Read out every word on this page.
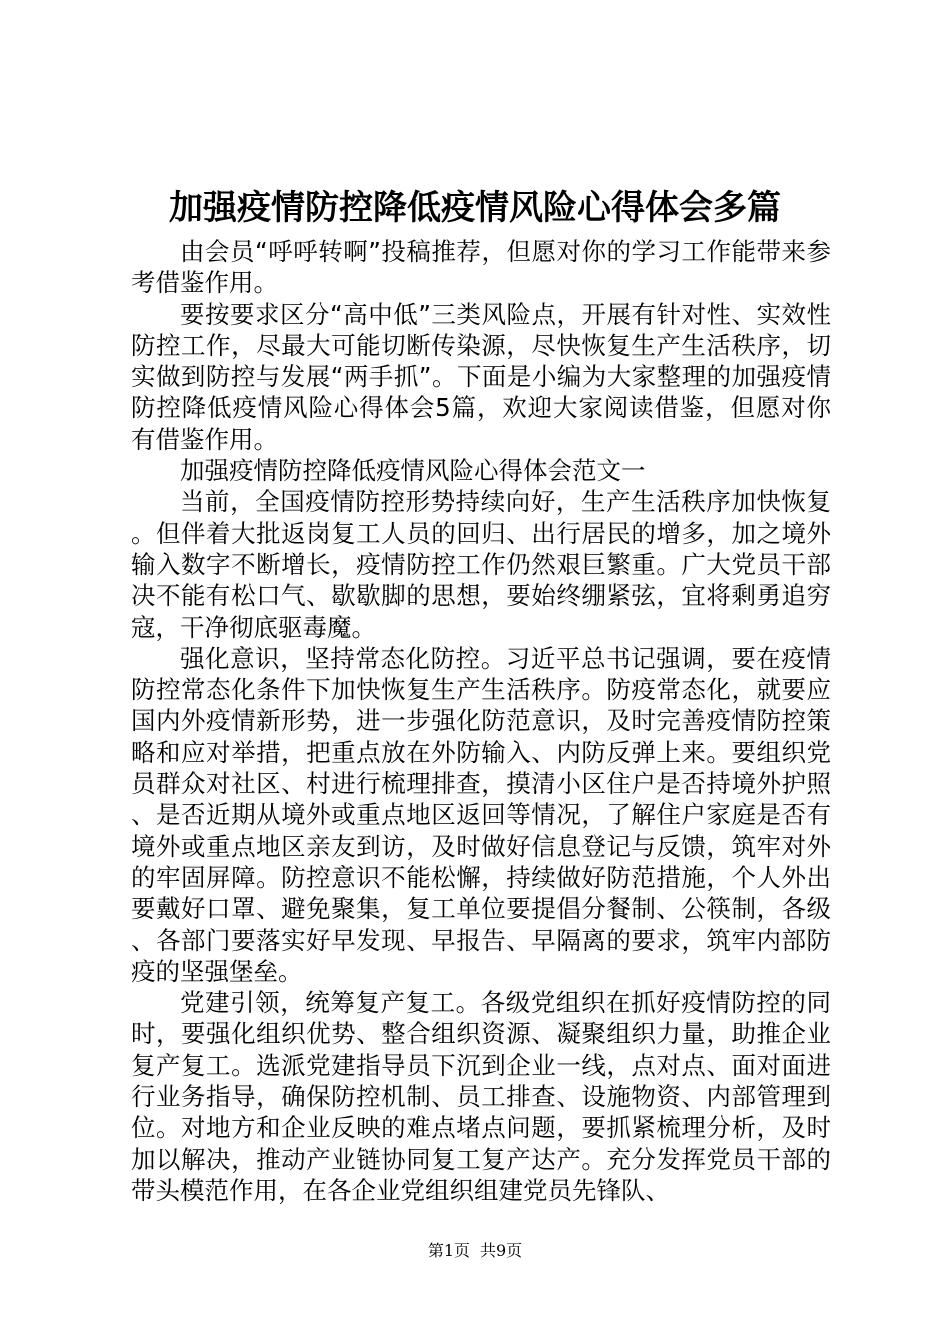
加强疫情防控降低疫情风险心得体会多篇

由会员“呼呼转啊”投稿推荐，但愿对你的学习工作能带来参考借鉴作用。

要按要求区分“高中低”三类风险点，开展有针对性、实效性防控工作，尽最大可能切断传染源，尽快恢复生产生活秩序，切实做到防控与发展“两手抓”。下面是小编为大家整理的加强疫情防控降低疫情风险心得体会5篇，欢迎大家阅读借鉴，但愿对你有借鉴作用。

加强疫情防控降低疫情风险心得体会范文一

当前，全国疫情防控形势持续向好，生产生活秩序加快恢复。但伴着大批返岗复工人员的回归、出行居民的增多，加之境外输入数字不断增长，疫情防控工作仍然艰巨繁重。广大党员干部决不能有松口气、歇歇脚的思想，要始终绷紧弦，宜将剩勇追穷寇，干净彻底驱毒魔。

强化意识，坚持常态化防控。习近平总书记强调，要在疫情防控常态化条件下加快恢复生产生活秩序。防疫常态化，就要应国内外疫情新形势，进一步强化防范意识，及时完善疫情防控策略和应对举措，把重点放在外防输入、内防反弹上来。要组织党员群众对社区、村进行梳理排查，摸清小区住户是否持境外护照、是否近期从境外或重点地区返回等情况，了解住户家庭是否有境外或重点地区亲友到访，及时做好信息登记与反馈，筑牢对外的牢固屏障。防控意识不能松懈，持续做好防范措施，个人外出要戴好口罩、避免聚集，复工单位要提倡分餐制、公筷制，各级、各部门要落实好早发现、早报告、早隔离的要求，筑牢内部防疫的坚强堡垒。

党建引领，统筹复产复工。各级党组织在抓好疫情防控的同时，要强化组织优势、整合组织资源、凝聚组织力量，助推企业复产复工。选派党建指导员下沉到企业一线，点对点、面对面进行业务指导，确保防控机制、员工排查、设施物资、内部管理到位。对地方和企业反映的难点堵点问题，要抓紧梳理分析，及时加以解决，推动产业链协同复工复产达产。充分发挥党员干部的带头模范作用，在各企业党组织组建党员先锋队、

第1页 共9页
